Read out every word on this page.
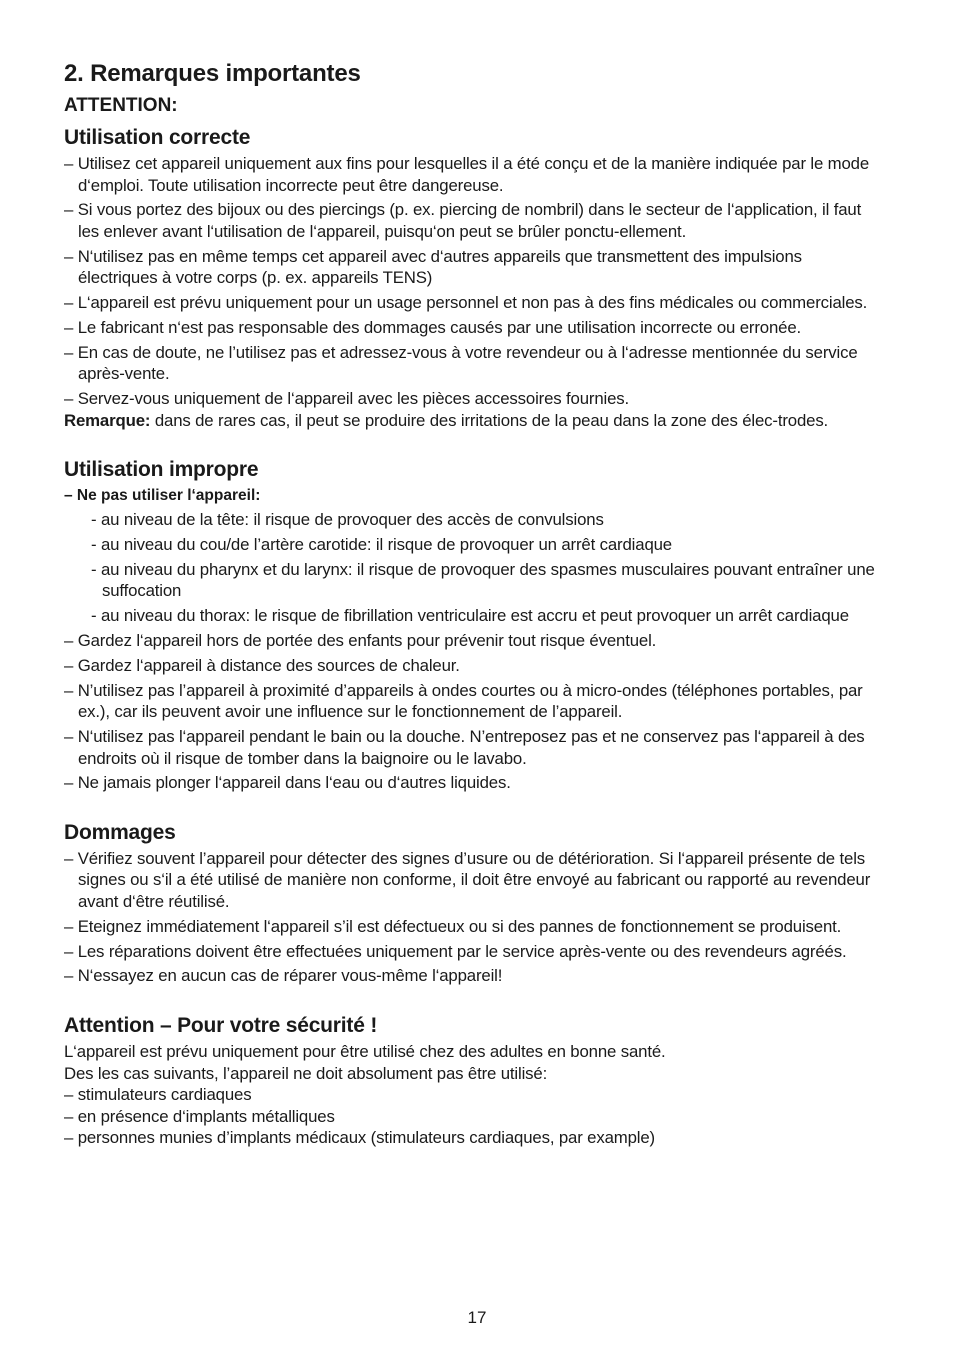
2. Remarques importantes
ATTENTION:
Utilisation correcte
– Utilisez cet appareil uniquement aux fins pour lesquelles il a été conçu et de la manière indiquée par le mode d‘emploi. Toute utilisation incorrecte peut être dangereuse.
– Si vous portez des bijoux ou des piercings (p. ex. piercing de nombril) dans le secteur de l‘application, il faut les enlever avant l‘utilisation de l‘appareil, puisqu‘on peut se brûler ponctu-ellement.
– N‘utilisez pas en même temps cet appareil avec d‘autres appareils que transmettent des impulsions électriques à votre corps (p. ex. appareils TENS)
– L‘appareil est prévu uniquement pour un usage personnel et non pas à des fins médicales ou commerciales.
– Le fabricant n‘est pas responsable des dommages causés par une utilisation incorrecte ou erronée.
– En cas de doute, ne l’utilisez pas et adressez-vous à votre revendeur ou à l‘adresse mentionnée du service après-vente.
– Servez-vous uniquement de l‘appareil avec les pièces accessoires fournies.

Remarque: dans de rares cas, il peut se produire des irritations de la peau dans la zone des élec-trodes.

Utilisation impropre
– Ne pas utiliser l‘appareil:
- au niveau de la tête: il risque de provoquer des accès de convulsions
- au niveau du cou/de l’artère carotide: il risque de provoquer un arrêt cardiaque
- au niveau du pharynx et du larynx: il risque de provoquer des spasmes musculaires pouvant entraîner une suffocation
- au niveau du thorax: le risque de fibrillation ventriculaire est accru et peut provoquer un arrêt cardiaque
– Gardez l‘appareil hors de portée des enfants pour prévenir tout risque éventuel.
– Gardez l‘appareil à distance des sources de chaleur.
– N’utilisez pas l’appareil à proximité d’appareils à ondes courtes ou à micro-ondes (téléphones portables, par ex.), car ils peuvent avoir une influence sur le fonctionnement de l’appareil.
– N‘utilisez pas l‘appareil pendant le bain ou la douche. N’entreposez pas et ne conservez pas l‘appareil à des endroits où il risque de tomber dans la baignoire ou le lavabo.
– Ne jamais plonger l‘appareil dans l‘eau ou d‘autres liquides.
Dommages
– Vérifiez souvent l’appareil pour détecter des signes d’usure ou de détérioration. Si l‘appareil présente de tels signes ou s‘il a été utilisé de manière non conforme, il doit être envoyé au fabricant ou rapporté au revendeur avant d‘être réutilisé.
– Eteignez immédiatement l‘appareil s’il est défectueux ou si des pannes de fonctionnement se produisent.
– Les réparations doivent être effectuées uniquement par le service après-vente ou des revendeurs agréés.
– N‘essayez en aucun cas de réparer vous-même l‘appareil!
Attention – Pour votre sécurité !

L‘appareil est prévu uniquement pour être utilisé chez des adultes en bonne santé.

Des les cas suivants, l’appareil ne doit absolument pas être utilisé:

– stimulateurs cardiaques
– en présence d‘implants métalliques
– personnes munies d’implants médicaux (stimulateurs cardiaques, par example)
17
